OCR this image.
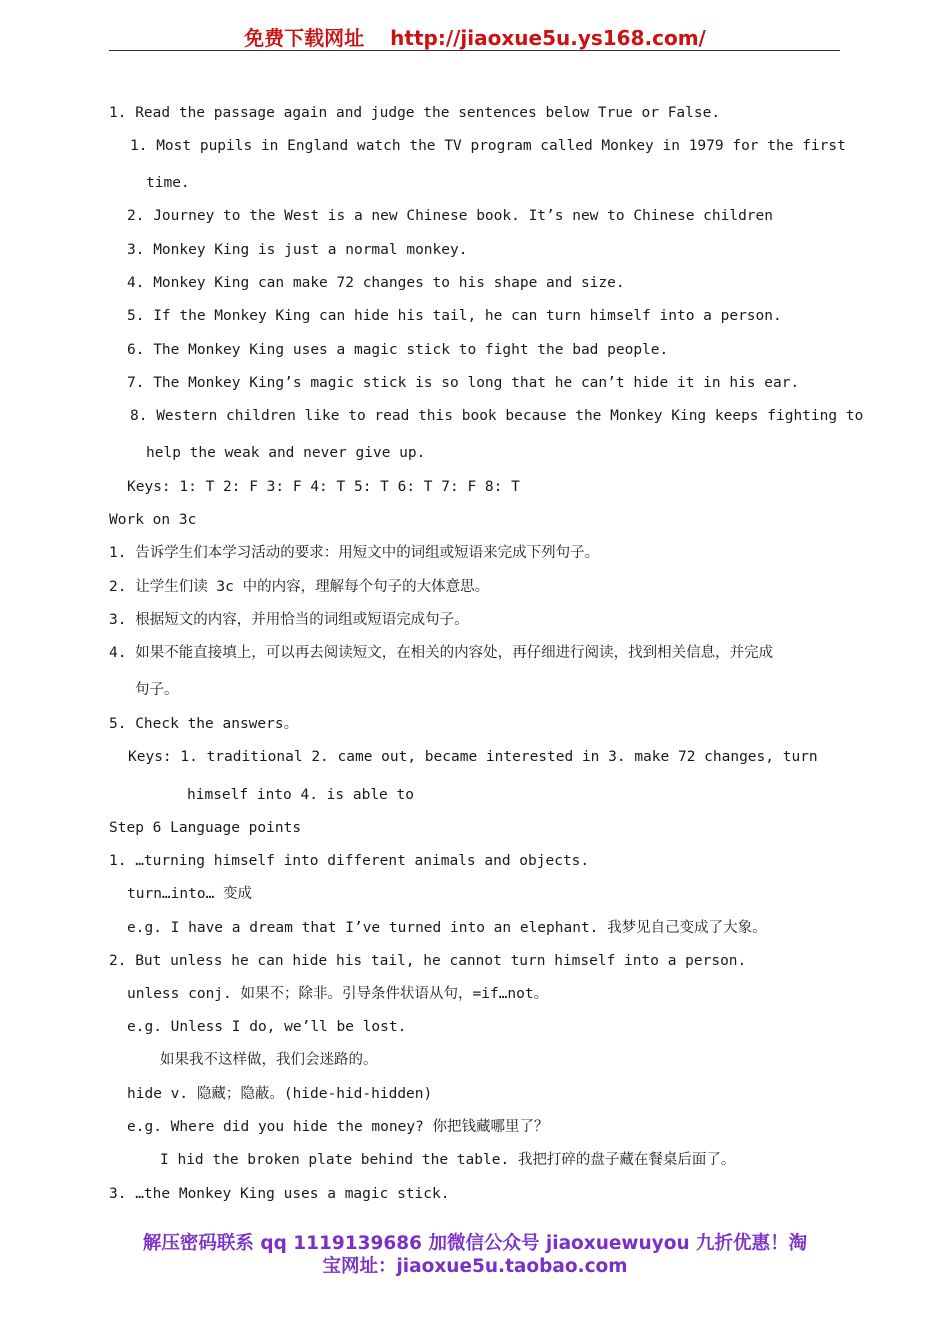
免费下载网址 http://jiaoxue5u.ys168.com/
1. Read the passage again and judge the sentences below True or False.
1. Most pupils in England watch the TV program called Monkey in 1979 for the first
time.
2. Journey to the West is a new Chinese book. It’s new to Chinese children
3. Monkey King is just a normal monkey.
4. Monkey King can make 72 changes to his shape and size.
5. If the Monkey King can hide his tail, he can turn himself into a person.
6. The Monkey King uses a magic stick to fight the bad people.
7. The Monkey King’s magic stick is so long that he can’t hide it in his ear.
8. Western children like to read this book because the Monkey King keeps fighting to
help the weak and never give up.
Keys: 1: T 2: F 3: F 4: T 5: T 6: T 7: F 8: T
Work on 3c
1. 告诉学生们本学习活动的要求：用短文中的词组或短语来完成下列句子。
2. 让学生们读 3c 中的内容，理解每个句子的大体意思。
3. 根据短文的内容，并用恰当的词组或短语完成句子。
4. 如果不能直接填上，可以再去阅读短文，在相关的内容处，再仔细进行阅读，找到相关信息，并完成
句子。
5. Check the answers。
Keys: 1. traditional 2. came out, became interested in 3. make 72 changes, turn
himself into 4. is able to
Step 6 Language points
1. …turning himself into different animals and objects.
turn…into… 变成
e.g. I have a dream that I’ve turned into an elephant. 我梦见自己变成了大象。
2. But unless he can hide his tail, he cannot turn himself into a person.
unless conj. 如果不；除非。引导条件状语从句，=if…not。
e.g. Unless I do, we’ll be lost.
如果我不这样做，我们会迷路的。
hide v. 隐藏；隐蔽。(hide-hid-hidden)
e.g. Where did you hide the money? 你把钱藏哪里了？
I hid the broken plate behind the table. 我把打碎的盘子藏在餐桌后面了。
3. …the Monkey King uses a magic stick.
解压密码联系 qq 1119139686 加微信公众号 jiaoxuewuyou 九折优惠！淘
宝网址：jiaoxue5u.taobao.com
